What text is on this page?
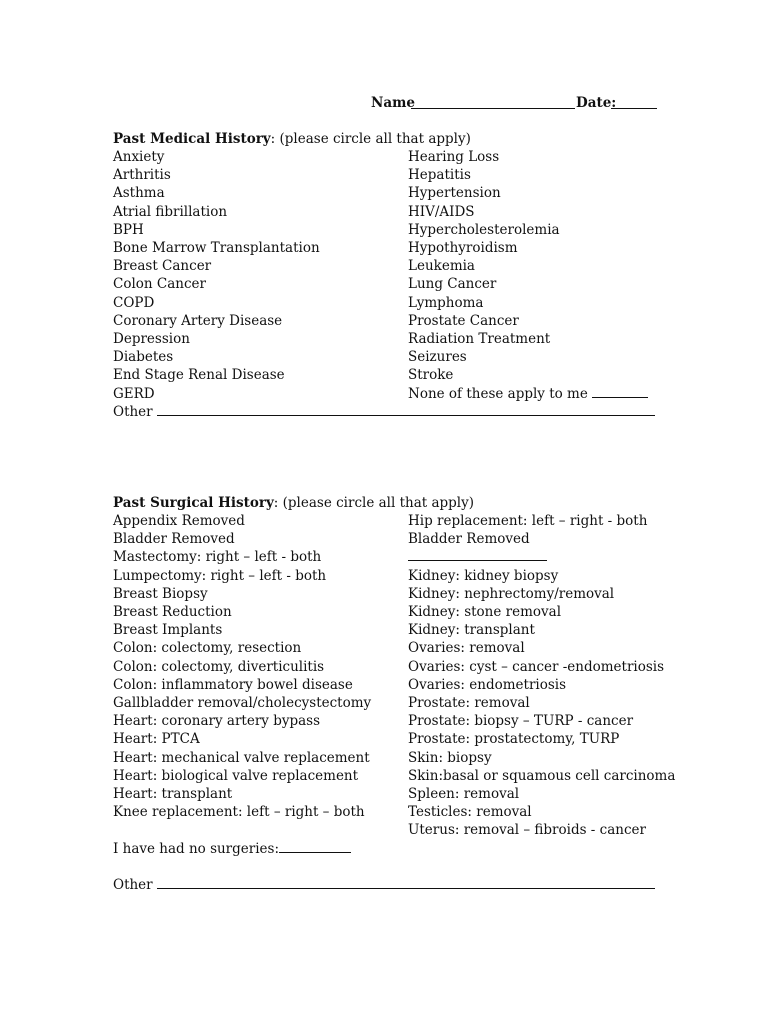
Name	Date:
Past Medical History: (please circle all that apply)
Anxiety
Arthritis
Asthma
Atrial fibrillation
BPH
Bone Marrow Transplantation
Breast Cancer
Colon Cancer
COPD
Coronary Artery Disease
Depression
Diabetes
End Stage Renal Disease
GERD
Hearing Loss
Hepatitis
Hypertension
HIV/AIDS
Hypercholesterolemia
Hypothyroidism
Leukemia
Lung Cancer
Lymphoma
Prostate Cancer
Radiation Treatment
Seizures
Stroke
None of these apply to me
Other
Past Surgical History: (please circle all that apply)
Appendix Removed
Bladder Removed
Mastectomy: right – left - both
Lumpectomy: right – left - both
Breast Biopsy
Breast Reduction
Breast Implants
Colon: colectomy, resection
Colon: colectomy, diverticulitis
Colon: inflammatory bowel disease
Gallbladder removal/cholecystectomy
Heart: coronary artery bypass
Heart: PTCA
Heart: mechanical valve replacement
Heart: biological valve replacement
Heart: transplant
Knee replacement: left – right – both
Hip replacement: left – right - both
Bladder Removed
Kidney: kidney biopsy
Kidney: nephrectomy/removal
Kidney: stone removal
Kidney: transplant
Ovaries: removal
Ovaries: cyst – cancer -endometriosis
Ovaries: endometriosis
Prostate: removal
Prostate: biopsy – TURP - cancer
Prostate: prostatectomy, TURP
Skin: biopsy
Skin:basal or squamous cell carcinoma
Spleen: removal
Testicles: removal
Uterus: removal – fibroids - cancer
I have had no surgeries:
Other
